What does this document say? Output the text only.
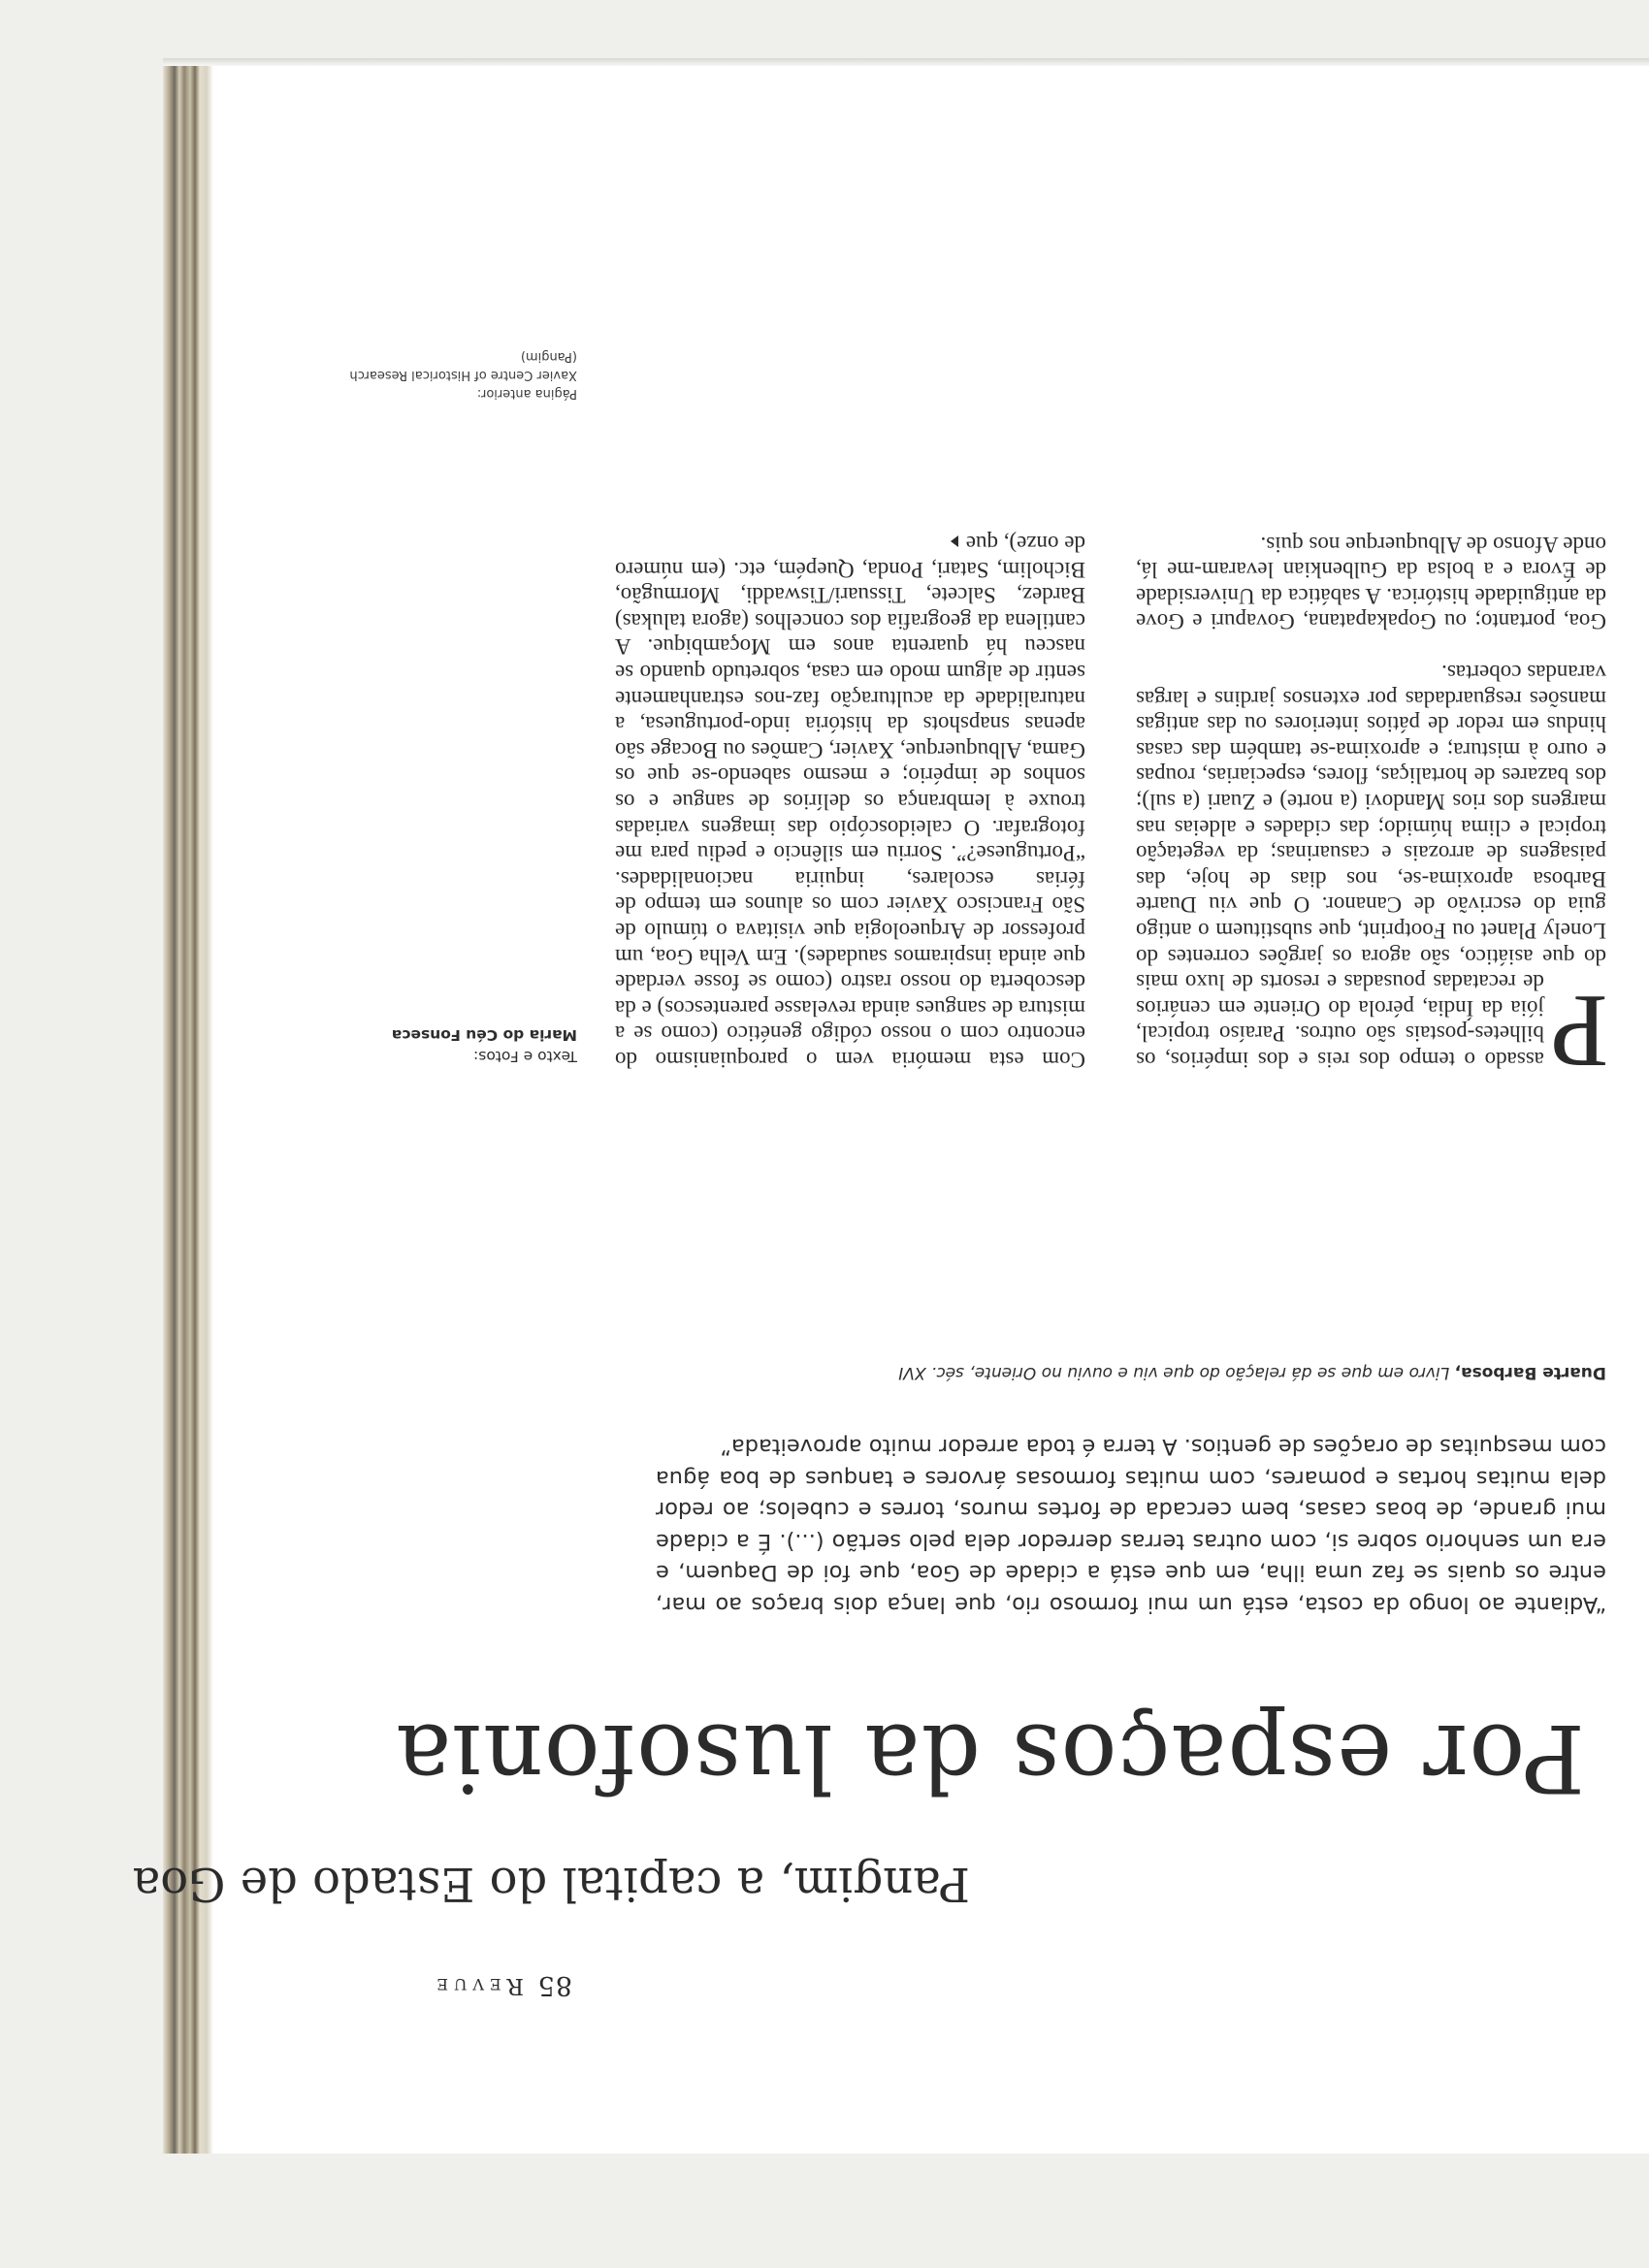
85
Revue
Pangim, a capital do Estado de Goa
Por espaços da lusofonia
“Adiante ao longo da costa, está um mui formoso rio, que lança dois braços ao mar, entre os quais se faz uma ilha, em que está a cidade de Goa, que foi de Daquem, e era um senhorio sobre si, com outras terras derredor dela pelo sertão (...). É a cidade mui grande, de boas casas, bem cercada de fortes muros, torres e cubelos; ao redor dela muitas hortas e pomares, com muitas formosas árvores e tanques de boa água com mesquitas de orações de gentios. A terra é toda arredor muito aproveitada”
Duarte Barbosa, Livro em que se dá relação do que viu e ouviu no Oriente, séc. XVI

P
assado o tempo dos reis e dos impérios, os bilhetes-postais são outros. Paraíso tropical, jóia da Índia, pérola do Oriente em cenários de recatadas pousadas e resorts de luxo mais do que asiático, são agora os jargões correntes do Lonely Planet ou Footprint, que substituem o antigo guia do escrivão de Cananor. O que viu Duarte Barbosa aproxima-se, nos dias de hoje, das paisagens de arrozais e casuarinas; da vegetação tropical e clima húmido; das cidades e aldeias nas margens dos rios Mandovi (a norte) e Zuari (a sul); dos bazares de hortaliças, flores, especiarias, roupas e ouro à mistura; e aproxima-se também das casas hindus em redor de pátios interiores ou das antigas mansões resguardadas por extensos jardins e largas varandas cobertas.

Goa, portanto; ou Gopakapatana, Govapuri e Gove da antiguidade histórica. A sabática da Universidade de Évora e a bolsa da Gulbenkian levaram-me lá, onde Afonso de Albuquerque nos quis.

Com esta memória vem o paroquianismo do encontro com o nosso código genético (como se a mistura de sangues ainda revelasse parentescos) e da descoberta do nosso rastro (como se fosse verdade que ainda inspiramos saudades). Em Velha Goa, um professor de Arqueologia que visitava o túmulo de São Francisco Xavier com os alunos em tempo de férias escolares, inquiria nacionalidades. “Portuguese?”. Sorriu em silêncio e pediu para me fotografar. O caleidoscópio das imagens variadas trouxe à lembrança os delírios de sangue e os sonhos de império; e mesmo sabendo-se que os Gama, Albuquerque, Xavier, Camões ou Bocage são apenas snapshots da história indo-portuguesa, a naturalidade da aculturação faz-nos estranhamente sentir de algum modo em casa, sobretudo quando se nasceu há quarenta anos em Moçambique. A cantilena da geografia dos concelhos (agora talukas) Bardez, Salcete, Tissuari/Tiswaddi, Mormugão, Bicholim, Satari, Ponda, Quepém, etc. (em número de onze), que

Texto e Fotos:
Maria do Céu Fonseca
Página anterior:
Xavier Centre of Historical Research
(Pangim)
